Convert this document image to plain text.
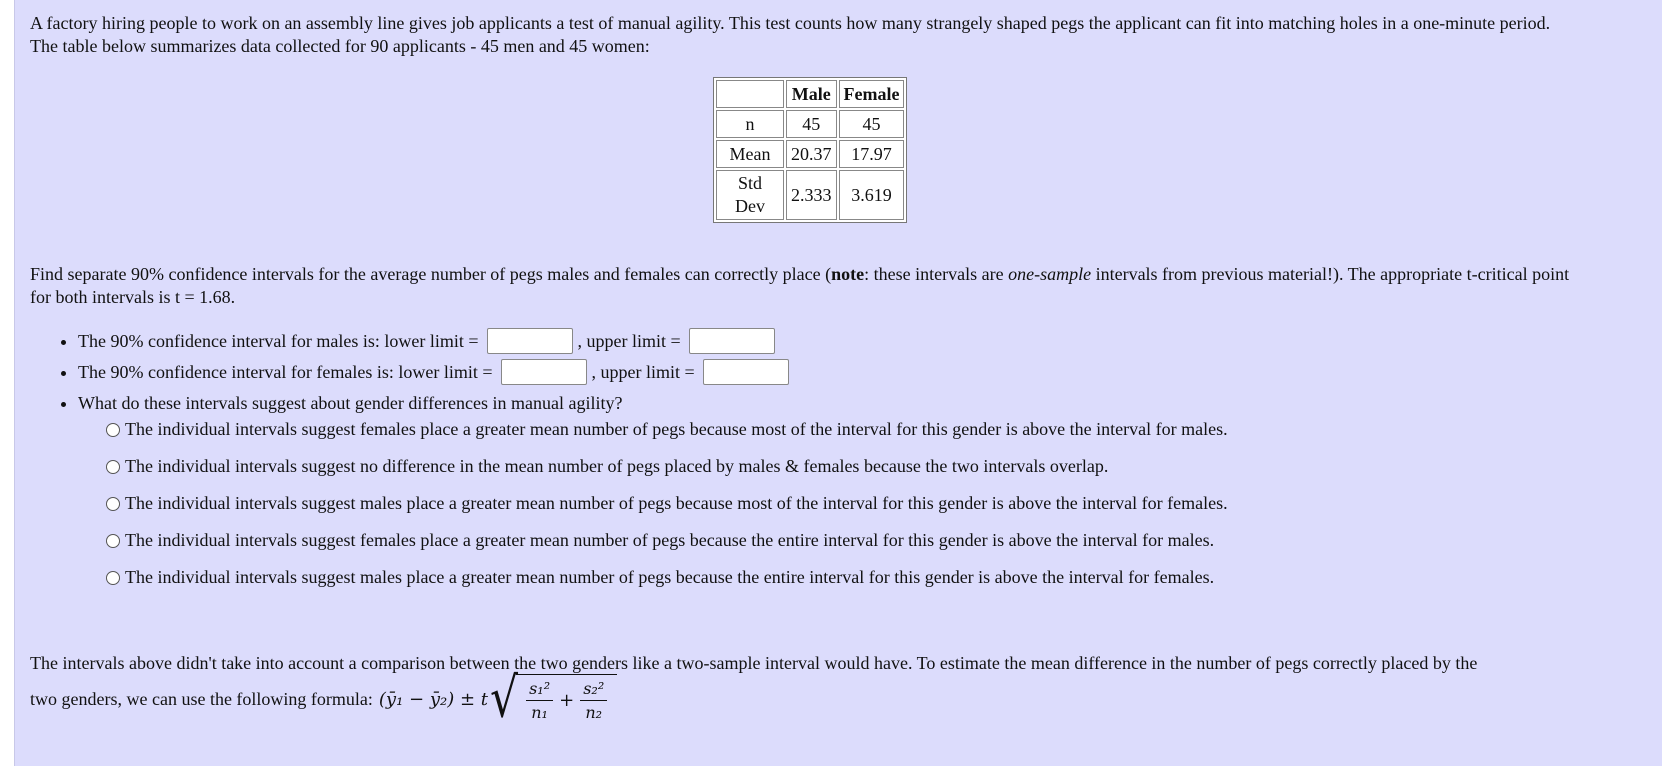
A factory hiring people to work on an assembly line gives job applicants a test of manual agility. This test counts how many strangely shaped pegs the applicant can fit into matching holes in a one-minute period. The table below summarizes data collected for 90 applicants - 45 men and 45 women:

	Male	Female
n	45	45
Mean	20.37	17.97
Std Dev	2.333	3.619

Find separate 90% confidence intervals for the average number of pegs males and females can correctly place (note: these intervals are one-sample intervals from previous material!). The appropriate t-critical point for both intervals is t = 1.68.

• The 90% confidence interval for males is: lower limit =	, upper limit =
• The 90% confidence interval for females is: lower limit =	, upper limit =
• What do these intervals suggest about gender differences in manual agility?
The individual intervals suggest females place a greater mean number of pegs because most of the interval for this gender is above the interval for males.
The individual intervals suggest no difference in the mean number of pegs placed by males & females because the two intervals overlap.
The individual intervals suggest males place a greater mean number of pegs because most of the interval for this gender is above the interval for females.
The individual intervals suggest females place a greater mean number of pegs because the entire interval for this gender is above the interval for males.
The individual intervals suggest males place a greater mean number of pegs because the entire interval for this gender is above the interval for females.

The intervals above didn't take into account a comparison between the two genders like a two-sample interval would have. To estimate the mean difference in the number of pegs correctly placed by the

two genders, we can use the following formula: (ȳ₁ − ȳ₂) ± t √ $\frac{\text{s₁²}}{\text{n₁}} + \frac{\text{s₂²}}{\text{n₂}}$
